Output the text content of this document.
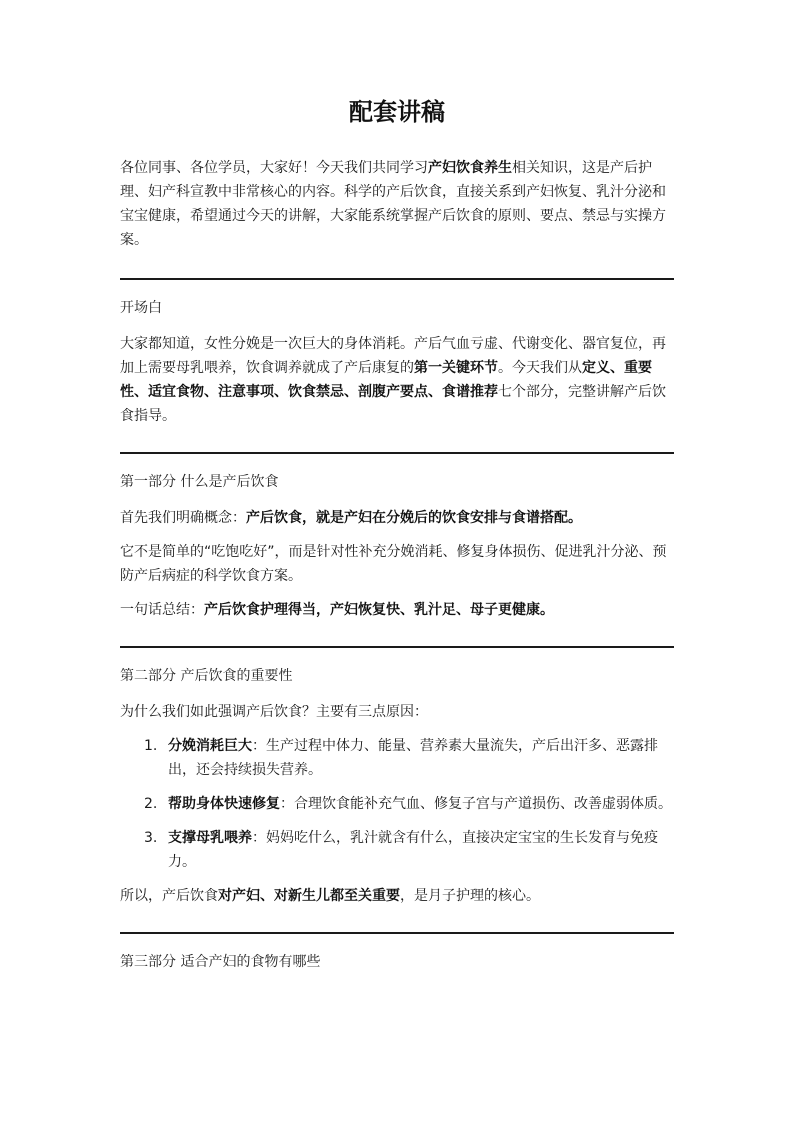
配套讲稿

各位同事、各位学员，大家好！今天我们共同学习产妇饮食养生相关知识，这是产后护理、妇产科宣教中非常核心的内容。科学的产后饮食，直接关系到产妇恢复、乳汁分泌和宝宝健康，希望通过今天的讲解，大家能系统掌握产后饮食的原则、要点、禁忌与实操方案。

开场白

大家都知道，女性分娩是一次巨大的身体消耗。产后气血亏虚、代谢变化、器官复位，再加上需要母乳喂养，饮食调养就成了产后康复的第一关键环节。今天我们从定义、重要性、适宜食物、注意事项、饮食禁忌、剖腹产要点、食谱推荐七个部分，完整讲解产后饮食指导。

第一部分 什么是产后饮食

首先我们明确概念：产后饮食，就是产妇在分娩后的饮食安排与食谱搭配。

它不是简单的“吃饱吃好”，而是针对性补充分娩消耗、修复身体损伤、促进乳汁分泌、预防产后病症的科学饮食方案。

一句话总结：产后饮食护理得当，产妇恢复快、乳汁足、母子更健康。

第二部分 产后饮食的重要性

为什么我们如此强调产后饮食？主要有三点原因：

1. 分娩消耗巨大：生产过程中体力、能量、营养素大量流失，产后出汗多、恶露排出，还会持续损失营养。
2. 帮助身体快速修复：合理饮食能补充气血、修复子宫与产道损伤、改善虚弱体质。
3. 支撑母乳喂养：妈妈吃什么，乳汁就含有什么，直接决定宝宝的生长发育与免疫力。

所以，产后饮食对产妇、对新生儿都至关重要，是月子护理的核心。

第三部分 适合产妇的食物有哪些
